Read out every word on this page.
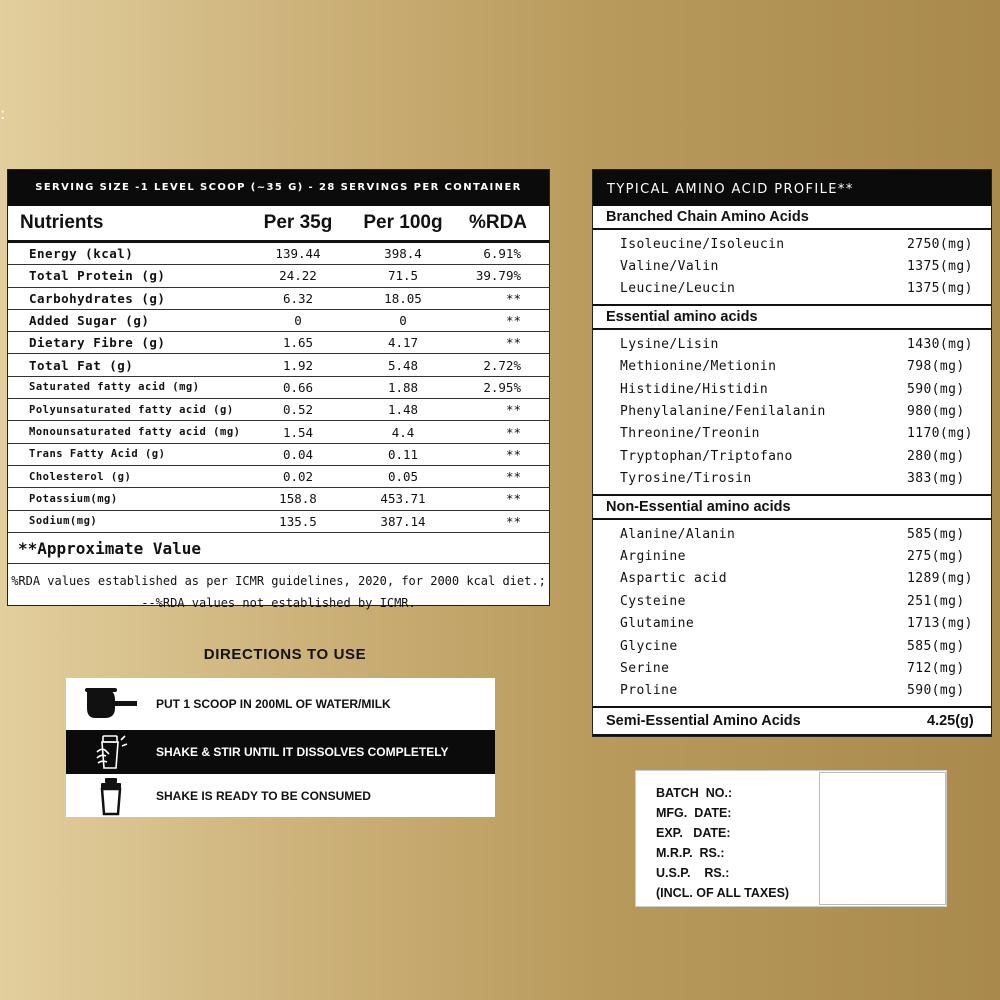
:
SERVING SIZE -1 LEVEL SCOOP (~35 G) - 28 SERVINGS PER CONTAINER
Nutrients	Per 35g	Per 100g	%RDA
Energy (kcal)	139.44	398.4	6.91%
Total Protein (g)	24.22	71.5	39.79%
Carbohydrates (g)	6.32	18.05	**
Added Sugar (g)	0	0	**
Dietary Fibre (g)	1.65	4.17	**
Total Fat (g)	1.92	5.48	2.72%
Saturated fatty acid (mg)	0.66	1.88	2.95%
Polyunsaturated fatty acid (g)	0.52	1.48	**
Monounsaturated fatty acid (mg)	1.54	4.4	**
Trans Fatty Acid (g)	0.04	0.11	**
Cholesterol (g)	0.02	0.05	**
Potassium(mg)	158.8	453.71	**
Sodium(mg)	135.5	387.14	**
**Approximate Value
%RDA values established as per ICMR guidelines, 2020, for 2000 kcal diet.;
--%RDA values not established by ICMR.
TYPICAL AMINO ACID PROFILE**
Branched Chain Amino Acids
Isoleucine/Isoleucin	2750(mg)
Valine/Valin	1375(mg)
Leucine/Leucin	1375(mg)
Essential amino acids
Lysine/Lisin	1430(mg)
Methionine/Metionin	798(mg)
Histidine/Histidin	590(mg)
Phenylalanine/Fenilalanin	980(mg)
Threonine/Treonin	1170(mg)
Tryptophan/Triptofano	280(mg)
Tyrosine/Tirosin	383(mg)
Non-Essential amino acids
Alanine/Alanin	585(mg)
Arginine	275(mg)
Aspartic acid	1289(mg)
Cysteine	251(mg)
Glutamine	1713(mg)
Glycine	585(mg)
Serine	712(mg)
Proline	590(mg)
Semi-Essential Amino Acids	4.25(g)
DIRECTIONS TO USE
PUT 1 SCOOP IN 200ML OF WATER/MILK
SHAKE & STIR UNTIL IT DISSOLVES COMPLETELY
SHAKE IS READY TO BE CONSUMED	BATCH  NO.:
MFG.  DATE:
EXP.   DATE:
M.R.P.  RS.:
U.S.P.    RS.:
(INCL. OF ALL TAXES)
